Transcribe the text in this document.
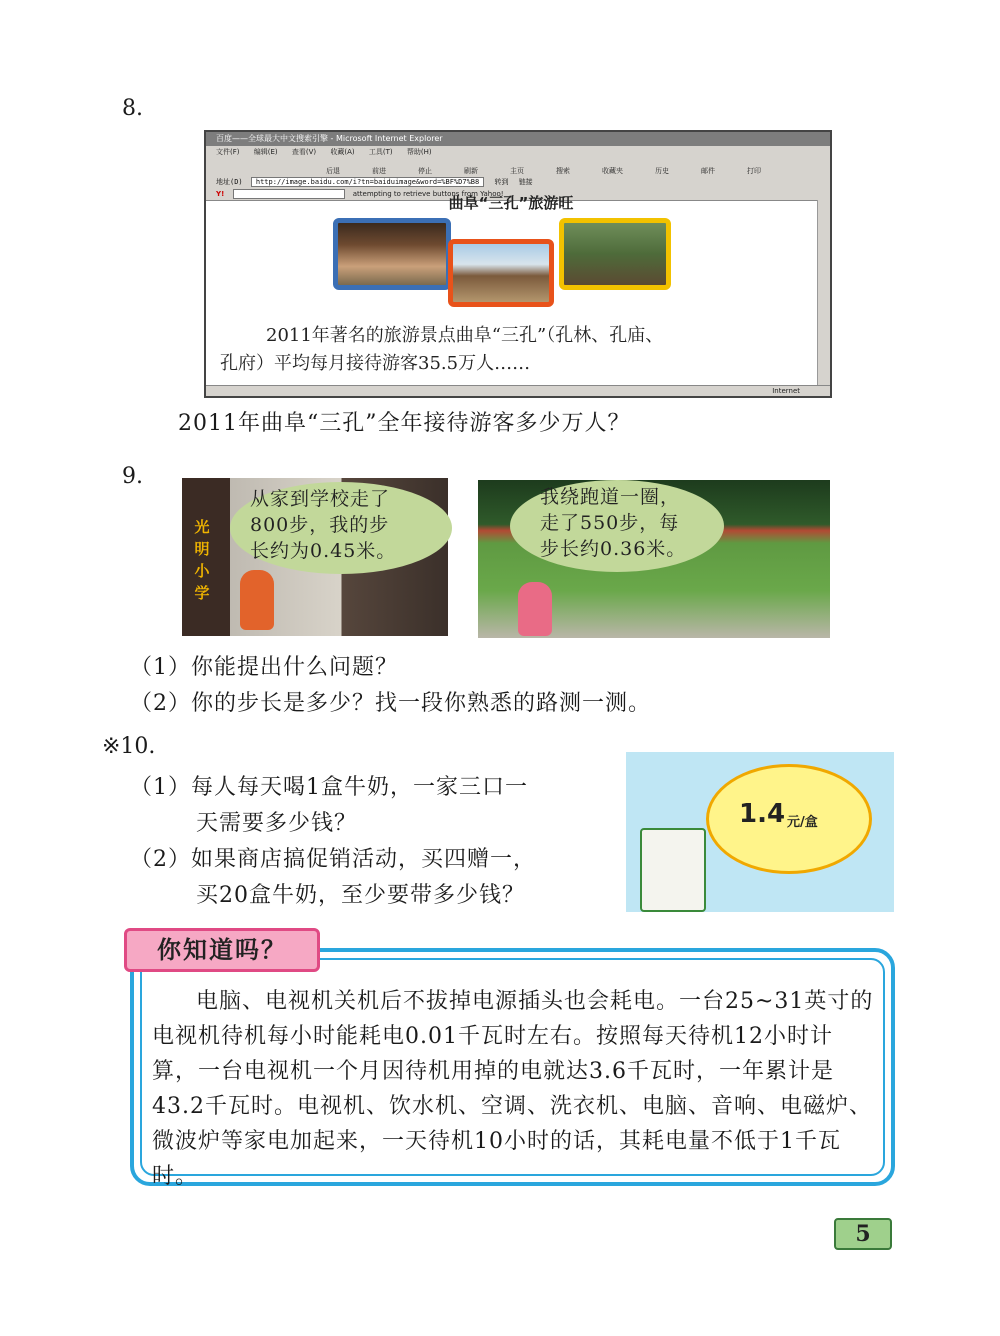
8.
百度——全球最大中文搜索引擎 - Microsoft Internet Explorer
文件(F) 编辑(E) 查看(V) 收藏(A) 工具(T) 帮助(H)
后退	前进	停止	刷新	主页	搜索	收藏夹	历史	邮件	打印
地址(D) http://image.baidu.com/i?tn=baiduimage&word=%BF%D7%B8 转到 链接
Y!	attempting to retrieve buttons from Yahoo!
曲阜“三孔”旅游旺
2011年著名的旅游景点曲阜“三孔”（孔林、孔庙、
孔府）平均每月接待游客35.5万人……
Internet
2011年曲阜“三孔”全年接待游客多少万人？
9.
光明小学
从家到学校走了
800步，我的步
长约为0.45米。
我绕跑道一圈，
走了550步，每
步长约0.36米。
（1）你能提出什么问题？
（2）你的步长是多少？找一段你熟悉的路测一测。
※10.
（1）每人每天喝1盒牛奶，一家三口一
天需要多少钱？
（2）如果商店搞促销活动，买四赠一，
买20盒牛奶，至少要带多少钱？
1.4 元/盒

电脑、电视机关机后不拔掉电源插头也会耗电。一台25~31英寸的电视机待机每小时能耗电0.01千瓦时左右。按照每天待机12小时计算，一台电视机一个月因待机用掉的电就达3.6千瓦时，一年累计是43.2千瓦时。电视机、饮水机、空调、洗衣机、电脑、音响、电磁炉、微波炉等家电加起来，一天待机10小时的话，其耗电量不低于1千瓦时。

你知道吗？
5
